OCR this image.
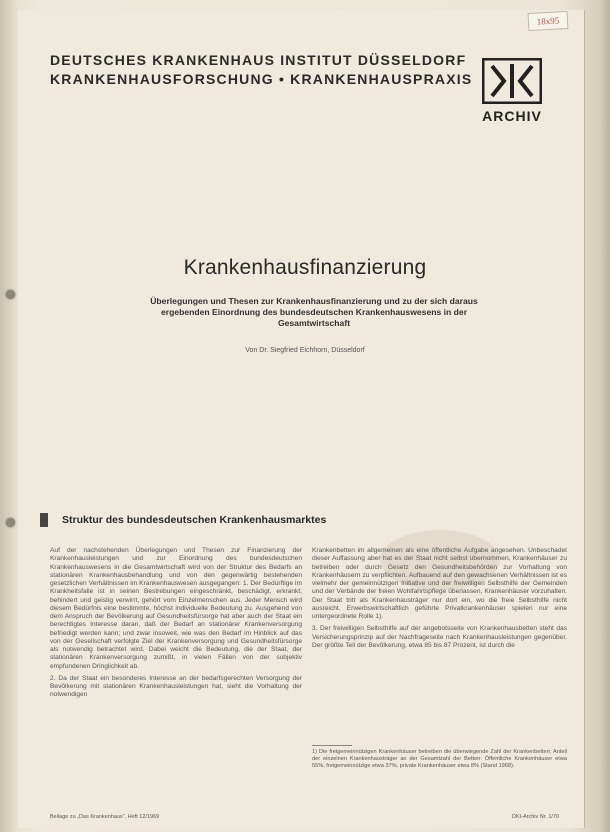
18x95
DEUTSCHES KRANKENHAUS INSTITUT DÜSSELDORF
KRANKENHAUSFORSCHUNG • KRANKENHAUSPRAXIS
ARCHIV
Krankenhausfinanzierung
Überlegungen und Thesen zur Krankenhausfinanzierung und zu der sich daraus ergebenden Einordnung des bundesdeutschen Krankenhauswesens in der Gesamtwirtschaft
Von Dr. Siegfried Eichhorn, Düsseldorf
Struktur des bundesdeutschen Krankenhausmarktes

Auf der nachstehenden Überlegungen und Thesen zur Finanzierung der Krankenhausleistungen und zur Einordnung des bundesdeutschen Krankenhauswesens in die Gesamtwirtschaft wird von der Struktur des Bedarfs an stationären Krankenhausbehandlung und von den gegenwärtig bestehenden gesetzlichen Verhältnissen im Krankenhauswesen ausgegangen: 1. Der Bedürftige im Krankheitsfalle ist in seinen Bestrebungen eingeschränkt, beschädigt, erkrankt, behindert und geistig verwirrt, gehört vom Einzelmenschen aus. Jeder Mensch wird diesem Bedürfnis eine bestimmte, höchst individuelle Bedeutung zu. Ausgehend von dem Anspruch der Bevölkerung auf Gesundheitsfürsorge hat aber auch der Staat ein berechtigtes Interesse daran, daß der Bedarf an stationärer Krankenversorgung befriedigt werden kann; und zwar insoweit, wie was den Bedarf im Hinblick auf das von der Gesellschaft verfolgte Ziel der Krankenversorgung und Gesundheitsfürsorge als notwendig betrachtet wird. Dabei weicht die Bedeutung, die der Staat, der stationären Krankenversorgung zumißt, in vielen Fällen von der subjektiv empfundenen Dringlichkeit ab.

2. Da der Staat ein besonderes Interesse an der bedarfsgerechten Versorgung der Bevölkerung mit stationären Krankenhausleistungen hat, sieht die Vorhaltung der notwendigen

Krankenbetten im allgemeinen als eine öffentliche Aufgabe angesehen. Unbeschadet dieser Auffassung aber hat es der Staat nicht selbst übernommen, Krankenhäuser zu betreiben oder durch Gesetz den Gesundheitsbehörden zur Vorhaltung von Krankenhäusern zu verpflichten. Aufbauend auf den gewachsenen Verhältnissen ist es vielmehr der gemeinnützigen Initiative und der freiwilligen Selbsthilfe der Gemeinden und der Verbände der freien Wohlfahrtspflege überlassen, Krankenhäuser vorzuhalten. Der Staat tritt als Krankenhausträger nur dort ein, wo die freie Selbsthilfe nicht ausreicht. Erwerbswirtschaftlich geführte Privatkrankenhäuser spielen nur eine untergeordnete Rolle 1).

3. Der freiwilligen Selbsthilfe auf der angebotsseite von Krankenhausbetten steht das Versicherungsprinzip auf der Nachfrageseite nach Krankenhausleistungen gegenüber. Der größte Teil der Bevölkerung, etwa 85 bis 87 Prozent, ist durch die

1) Die freigemeinnützigen Krankenhäuser betreiben die überwiegende Zahl der Krankenbetten; Anteil der einzelnen Krankenhausträger an der Gesamtzahl der Betten: Öffentliche Krankenhäuser etwa 55%, freigemeinnützige etwa 37%, private Krankenhäuser etwa 8% (Stand 1968).
Beilage zu „Das Krankenhaus“, Heft 12/1969	DKI-Archiv Nr. 1/70
